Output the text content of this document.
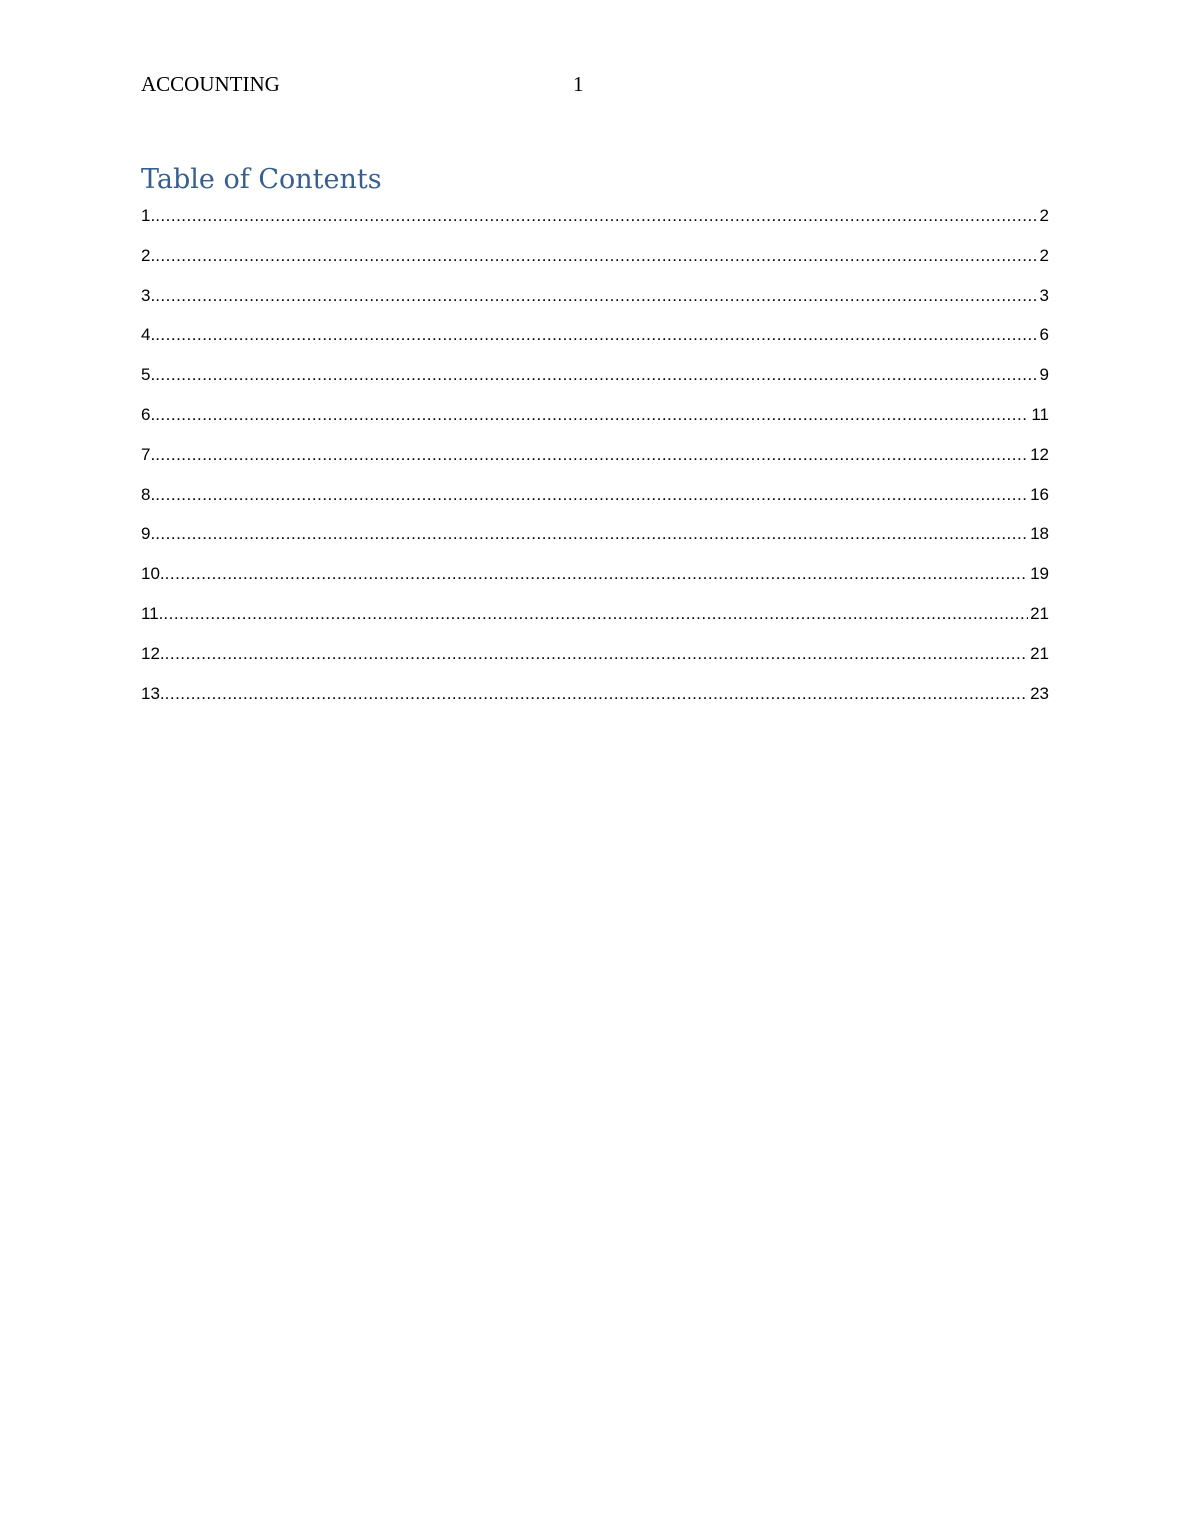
ACCOUNTING	1
Table of Contents
1. .....	2
2. .....	2
3. .....	3
4. .....	6
5. .....	9
6. .....	11
7. .....	12
8. .....	16
9. .....	18
10. .....	19
11. .....	21
12. .....	21
13. .....	23
